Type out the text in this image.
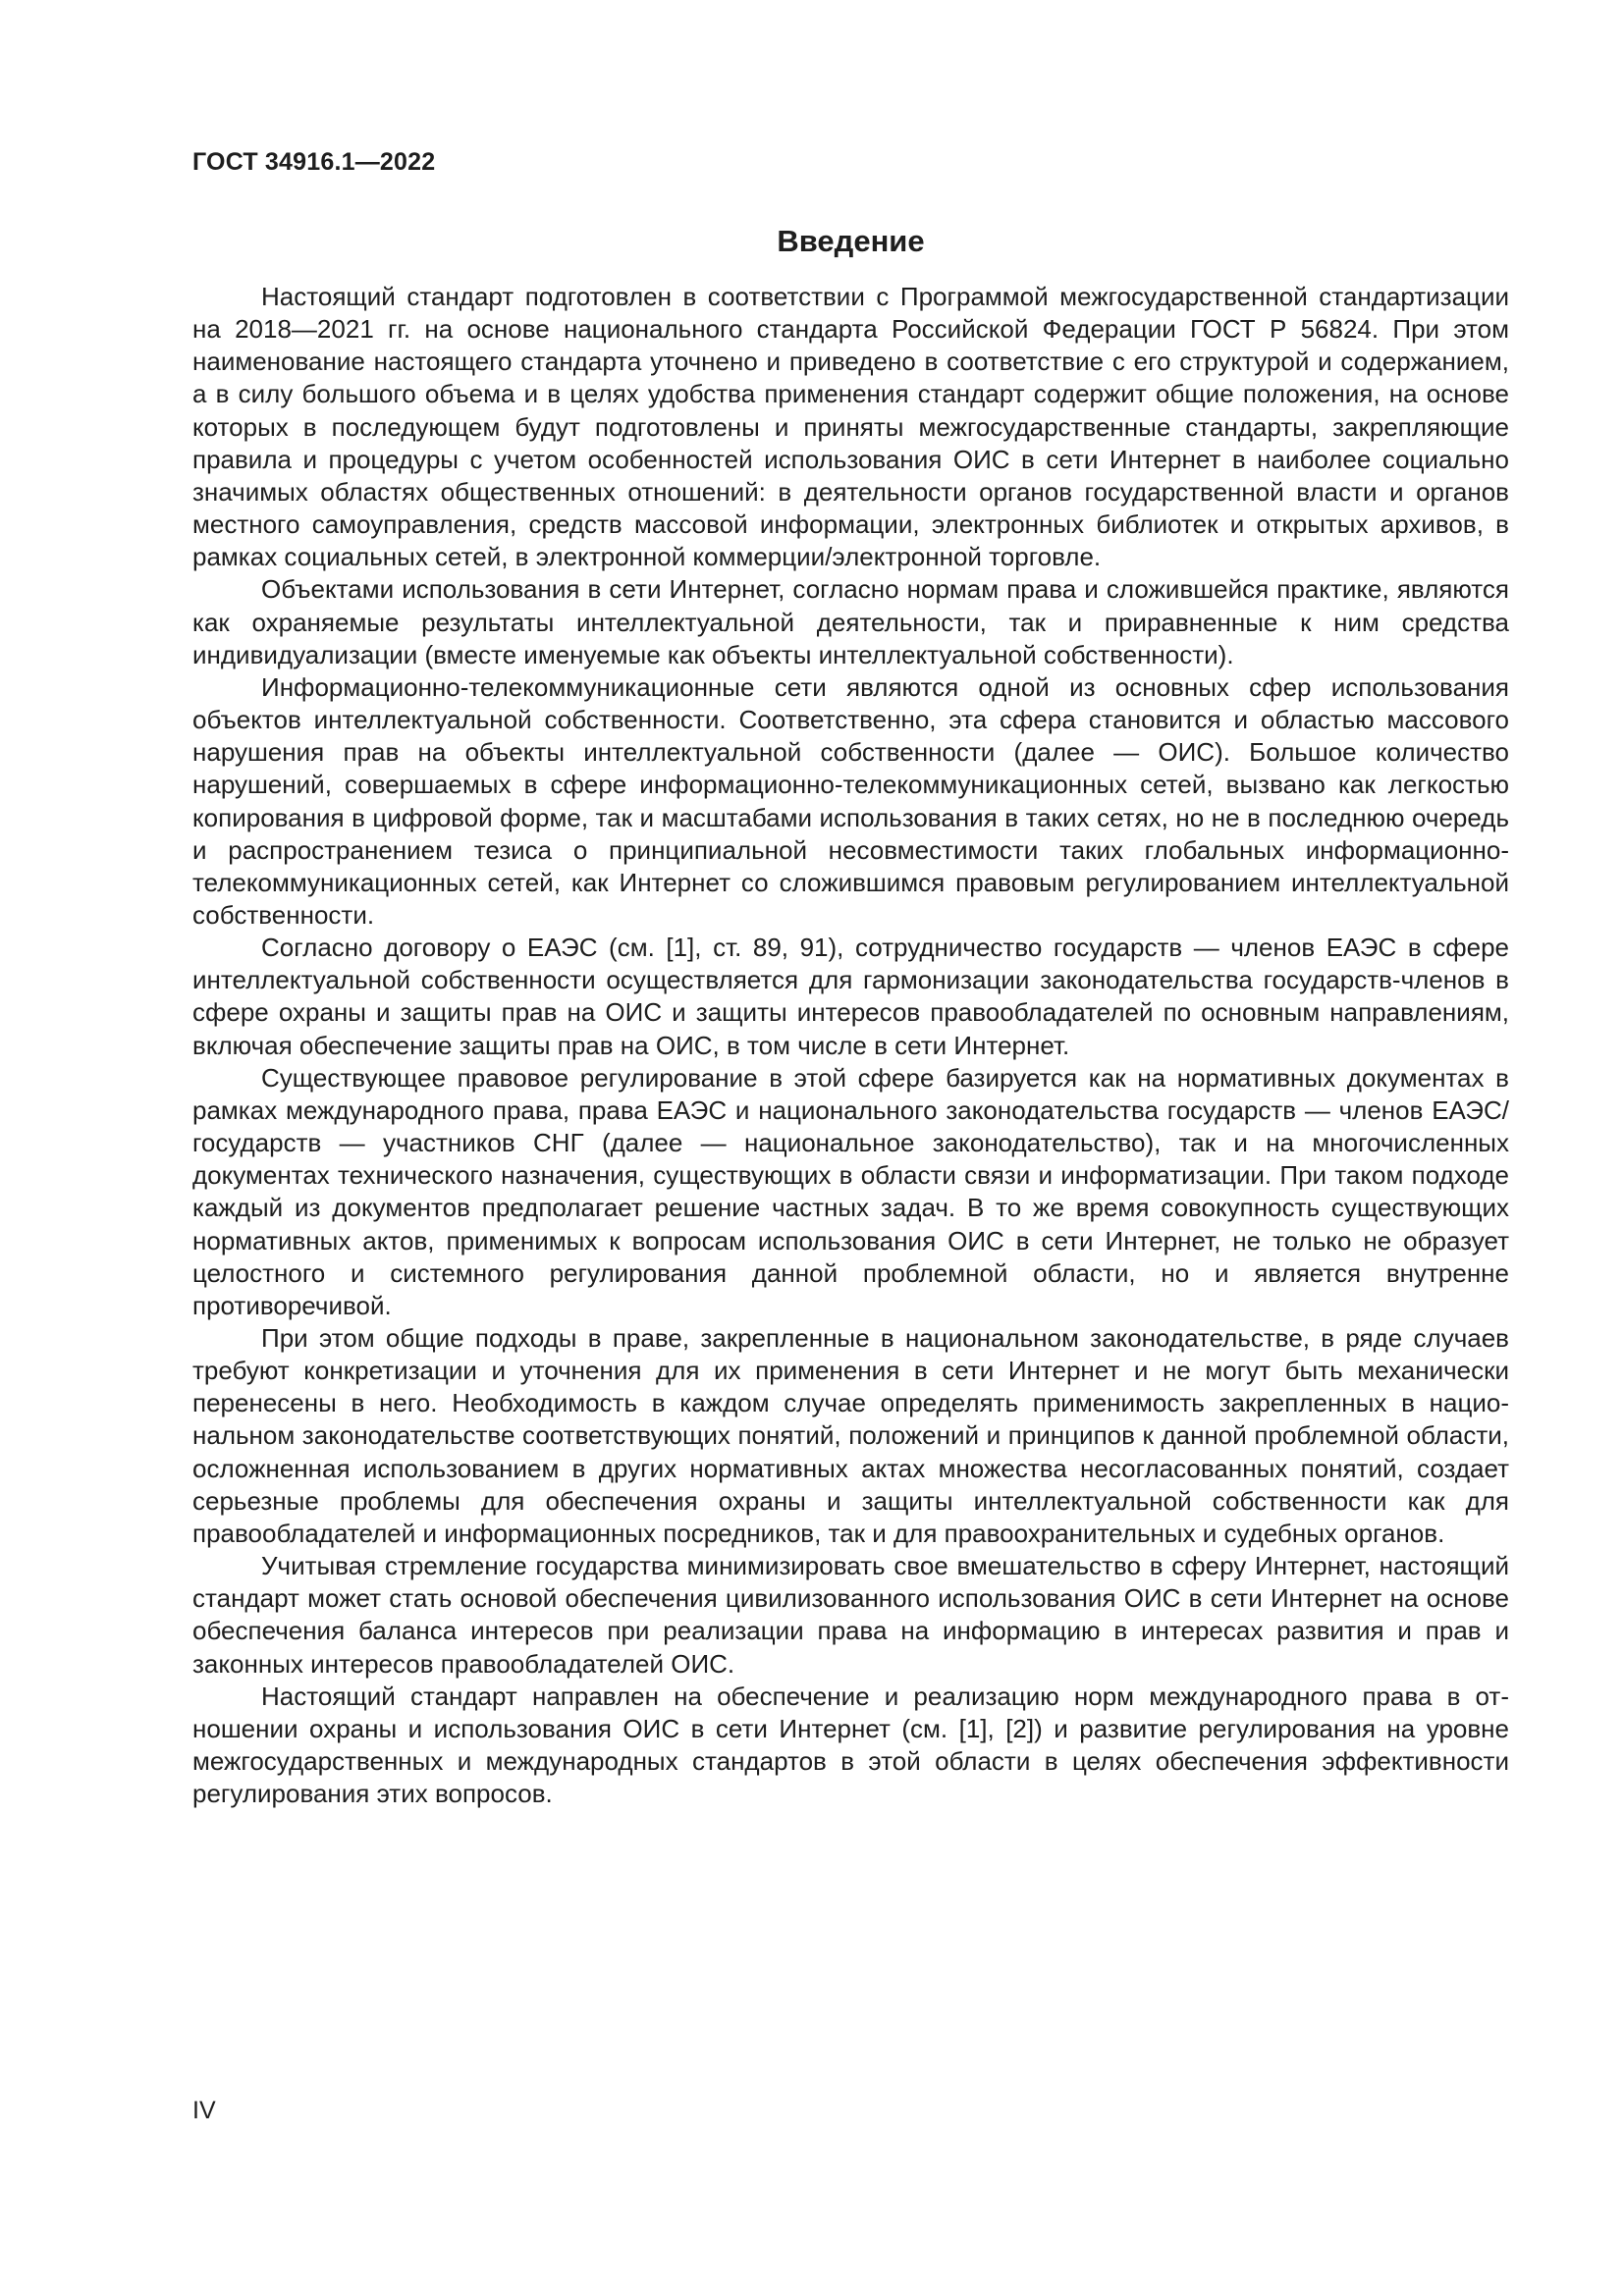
ГОСТ 34916.1—2022

Введение

Настоящий стандарт подготовлен в соответствии с Программой межгосударственной стандартизации на 2018—2021 гг. на основе национального стандарта Российской Федерации ГОСТ Р 56824. При этом наименование настоящего стандарта уточнено и приведено в соответствие с его структурой и содержанием, а в силу большого объема и в целях удобства применения стандарт содержит общие положения, на основе которых в последующем будут подготовлены и приняты межгосударственные стандарты, закрепляющие правила и процедуры с учетом особенностей использования ОИС в сети Интернет в наиболее социально значимых областях общественных отношений: в деятельности органов государственной власти и органов местного самоуправления, средств массовой информации, электронных библиотек и открытых архивов, в рамках социальных сетей, в электронной коммерции/​электронной торговле.

Объектами использования в сети Интернет, согласно нормам права и сложившейся практике, являются как охраняемые результаты интеллектуальной деятельности, так и приравненные к ним средства индивидуализации (вместе именуемые как объекты интеллектуальной собственности).

Информационно-телекоммуникационные сети являются одной из основных сфер использования объектов интеллектуальной собственности. Соответственно, эта сфера становится и областью массового нарушения прав на объекты интеллектуальной собственности (далее — ОИС). Большое количество нарушений, совершаемых в сфере информационно-телекоммуникационных сетей, вызвано как легкостью копирования в цифровой форме, так и масштабами использования в таких сетях, но не в последнюю очередь и распространением тезиса о принципиальной несовместимости таких глобальных информационно-телекоммуникационных сетей, как Интернет со сложившимся правовым регулированием интеллектуальной собственности.

Согласно договору о ЕАЭС (см. [1], ст. 89, 91), сотрудничество государств — членов ЕАЭС в сфере интеллектуальной собственности осуществляется для гармонизации законодательства государств-​членов в сфере охраны и защиты прав на ОИС и защиты интересов правообладателей по основным направлениям, включая обеспечение защиты прав на ОИС, в том числе в сети Интернет.

Существующее правовое регулирование в этой сфере базируется как на нормативных документах в рамках международного права, права ЕАЭС и национального законодательства государств — членов ЕАЭС/государств — участников СНГ (далее — национальное законодательство), так и на многочисленных документах технического назначения, существующих в области связи и информатизации. При таком подходе каждый из документов предполагает решение частных задач. В то же время совокупность существующих нормативных актов, применимых к вопросам использования ОИС в сети Интернет, не только не образует целостного и системного регулирования данной проблемной области, но и является внутренне противоречивой.

При этом общие подходы в праве, закрепленные в национальном законодательстве, в ряде случаев требуют конкретизации и уточнения для их применения в сети Интернет и не могут быть механически перенесены в него. Необходимость в каждом случае определять применимость закрепленных в национальном законодательстве соответствующих понятий, положений и принципов к данной проблемной области, осложненная использованием в других нормативных актах множества несогласованных понятий, создает серьезные проблемы для обеспечения охраны и защиты интеллектуальной собственности как для правообладателей и информационных посредников, так и для правоохранительных и судебных органов.

Учитывая стремление государства минимизировать свое вмешательство в сферу Интернет, настоящий стандарт может стать основой обеспечения цивилизованного использования ОИС в сети Интернет на основе обеспечения баланса интересов при реализации права на информацию в интересах развития и прав и законных интересов правообладателей ОИС.

Настоящий стандарт направлен на обеспечение и реализацию норм международного права в отношении охраны и использования ОИС в сети Интернет (см. [1], [2]) и развитие регулирования на уровне межгосударственных и международных стандартов в этой области в целях обеспечения эффективности регулирования этих вопросов.

IV
